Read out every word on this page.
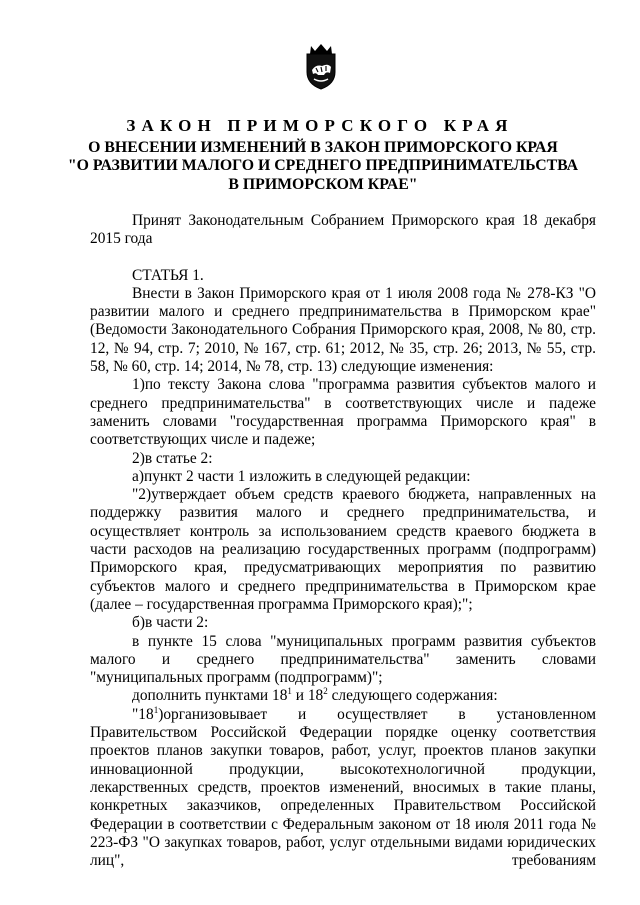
ЗАКОН ПРИМОРСКОГО КРАЯ
О ВНЕСЕНИИ ИЗМЕНЕНИЙ В ЗАКОН ПРИМОРСКОГО КРАЯ
"О РАЗВИТИИ МАЛОГО И СРЕДНЕГО ПРЕДПРИНИМАТЕЛЬСТВА
В ПРИМОРСКОМ КРАЕ"

Принят Законодательным Собранием Приморского края 18 декабря 2015 года

СТАТЬЯ 1.

Внести в Закон Приморского края от 1 июля 2008 года № 278-КЗ "О развитии малого и среднего предпринимательства в Приморском крае" (Ведомости Законодательного Собрания Приморского края, 2008, № 80, стр. 12, № 94, стр. 7; 2010, № 167, стр. 61; 2012, № 35, стр. 26; 2013, № 55, стр. 58, № 60, стр. 14; 2014, № 78, стр. 13) следующие изменения:

1)по тексту Закона слова "программа развития субъектов малого и среднего предпринимательства" в соответствующих числе и падеже заменить словами "государственная программа Приморского края" в соответствующих числе и падеже;

2)в статье 2:

а)пункт 2 части 1 изложить в следующей редакции:

"2)утверждает объем средств краевого бюджета, направленных на поддержку развития малого и среднего предпринимательства, и осуществляет контроль за использованием средств краевого бюджета в части расходов на реализацию государственных программ (подпрограмм) Приморского края, предусматривающих мероприятия по развитию субъектов малого и среднего предпринимательства в Приморском крае (далее – государственная программа Приморского края);";

б)в части 2:

в пункте 15 слова "муниципальных программ развития субъектов малого и среднего предпринимательства" заменить словами "муниципальных программ (подпрограмм)";

дополнить пунктами $18^1$ и $18^2$ следующего содержания:

"$18^1)организовывает$ и осуществляет в установленном Правительством Российской Федерации порядке оценку соответствия проектов планов закупки товаров, работ, услуг, проектов планов закупки инновационной продукции, высокотехнологичной продукции, лекарственных средств, проектов изменений, вносимых в такие планы, конкретных заказчиков, определенных Правительством Российской Федерации в соответствии с Федеральным законом от 18 июля 2011 года № 223-ФЗ "О закупках товаров, работ, услуг отдельными видами юридических лиц", требованиям
